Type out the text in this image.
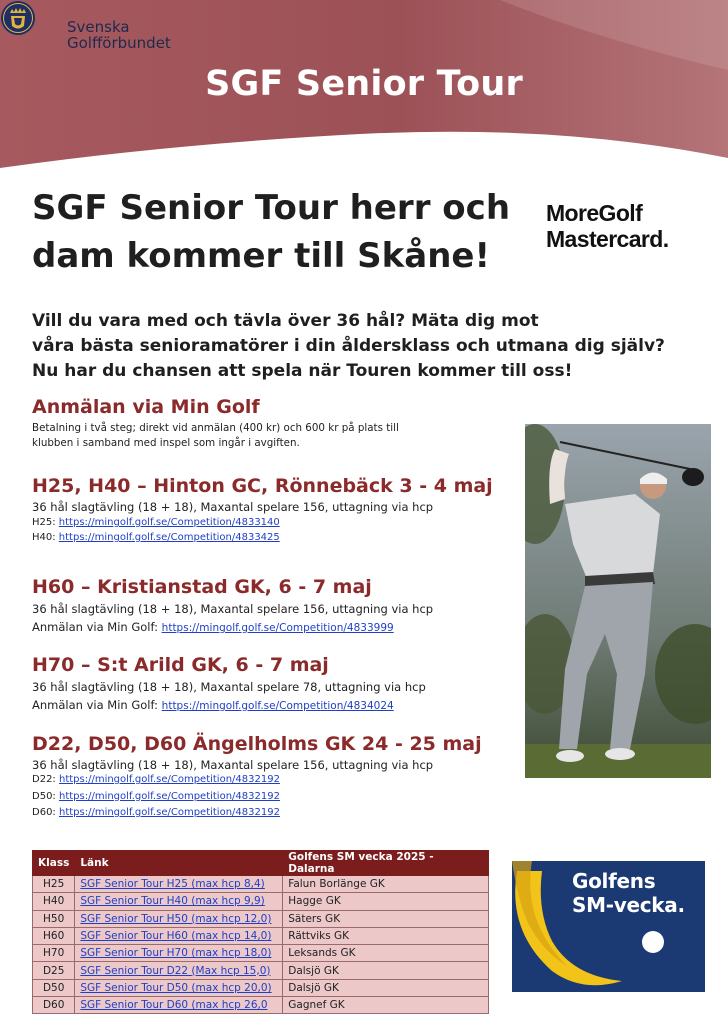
Svenska
Golfförbundet
SGF Senior Tour
SGF Senior Tour herr och
dam kommer till Skåne!
MoreGolf
Mastercard.
Vill du vara med och tävla över 36 hål? Mäta dig mot
våra bästa senioramatörer i din åldersklass och utmana dig själv?
Nu har du chansen att spela när Touren kommer till oss!
Anmälan via Min Golf
Betalning i två steg; direkt vid anmälan (400 kr) och 600 kr på plats till
klubben i samband med inspel som ingår i avgiften.
H25, H40 – Hinton GC, Rönnebäck 3 - 4 maj
36 hål slagtävling (18 + 18), Maxantal spelare 156, uttagning via hcp
H25: https://mingolf.golf.se/Competition/4833140
H40: https://mingolf.golf.se/Competition/4833425
H60 – Kristianstad GK, 6 - 7 maj
36 hål slagtävling (18 + 18), Maxantal spelare 156, uttagning via hcp
Anmälan via Min Golf: https://mingolf.golf.se/Competition/4833999
H70 – S:t Arild GK, 6 - 7 maj
36 hål slagtävling (18 + 18), Maxantal spelare 78, uttagning via hcp
Anmälan via Min Golf: https://mingolf.golf.se/Competition/4834024
D22, D50, D60 Ängelholms GK 24 - 25 maj
36 hål slagtävling (18 + 18), Maxantal spelare 156, uttagning via hcp
D22: https://mingolf.golf.se/Competition/4832192
D50: https://mingolf.golf.se/Competition/4832192
D60: https://mingolf.golf.se/Competition/4832192
Klass	Länk	Golfens SM vecka 2025 - Dalarna
H25	SGF Senior Tour H25 (max hcp 8,4)	Falun Borlänge GK
H40	SGF Senior Tour H40 (max hcp 9,9)	Hagge GK
H50	SGF Senior Tour H50 (max hcp 12,0)	Säters GK
H60	SGF Senior Tour H60 (max hcp 14,0)	Rättviks GK
H70	SGF Senior Tour H70 (max hcp 18,0)	Leksands GK
D25	SGF Senior Tour D22 (Max hcp 15,0)	Dalsjö GK
D50	SGF Senior Tour D50 (max hcp 20,0)	Dalsjö GK
D60	SGF Senior Tour D60 (max hcp 26,0	Gagnef GK
Golfens
SM-vecka.
